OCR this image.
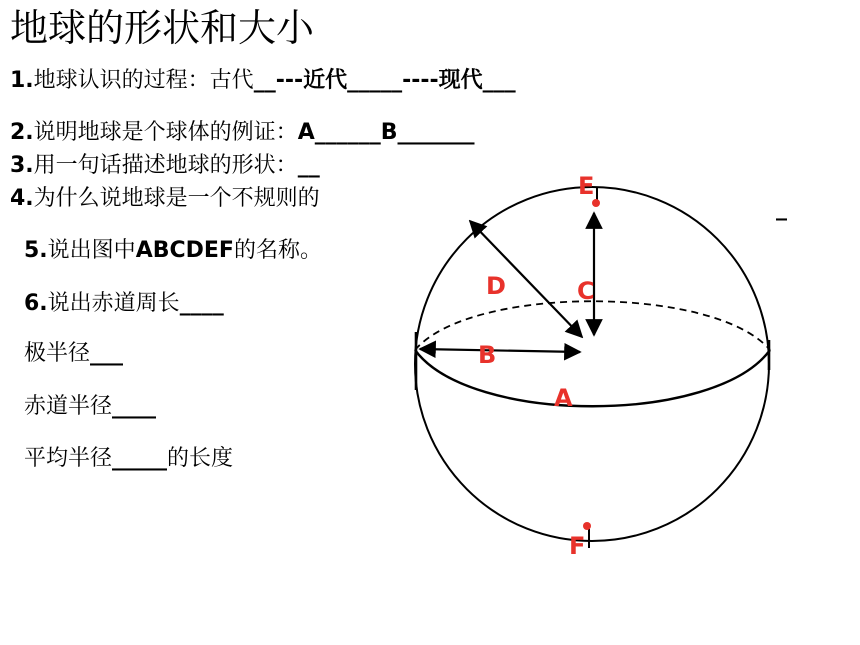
E
D	C
B
A
F
地球的形状和大小
1.地球认识的过程：古代__---近代_____----现代___
2.说明地球是个球体的例证：A______B_______
3.用一句话描述地球的形状：__
4.为什么说地球是一个不规则的	_
5.说出图中ABCDEF的名称。
6.说出赤道周长____
极半径___
赤道半径____
平均半径_____的长度
